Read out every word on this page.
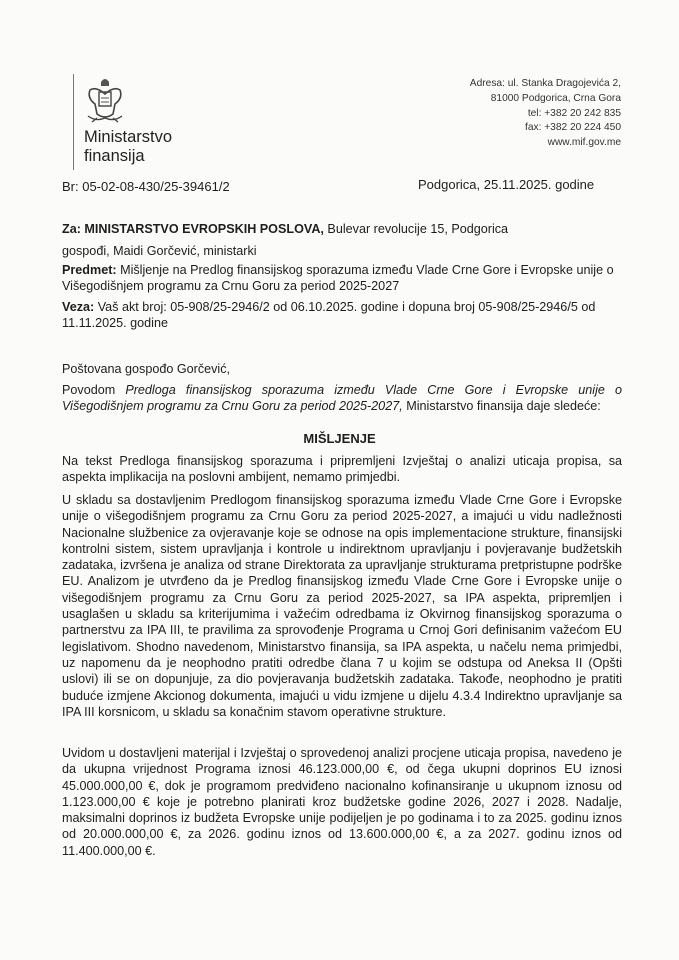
Ministarstvo
finansija
Adresa: ul. Stanka Dragojevića 2,
81000 Podgorica, Crna Gora
tel: +382 20 242 835
fax: +382 20 224 450
www.mif.gov.me
Br: 05-02-08-430/25-39461/2	Podgorica, 25.11.2025. godine
Za: MINISTARSTVO EVROPSKIH POSLOVA, Bulevar revolucije 15, Podgorica
gospođi, Maidi Gorčević, ministarki
Predmet: Mišljenje na Predlog finansijskog sporazuma između Vlade Crne Gore i Evropske unije o Višegodišnjem programu za Crnu Goru za period 2025-2027
Veza: Vaš akt broj: 05-908/25-2946/2 od 06.10.2025. godine i dopuna broj 05-908/25-2946/5 od 11.11.2025. godine
Poštovana gospođo Gorčević,
Povodom Predloga finansijskog sporazuma između Vlade Crne Gore i Evropske unije o Višegodišnjem programu za Crnu Goru za period 2025-2027, Ministarstvo finansija daje sledeće:
MIŠLJENJE
Na tekst Predloga finansijskog sporazuma i pripremljeni Izvještaj o analizi uticaja propisa, sa aspekta implikacija na poslovni ambijent, nemamo primjedbi.
U skladu sa dostavljenim Predlogom finansijskog sporazuma između Vlade Crne Gore i Evropske unije o višegodišnjem programu za Crnu Goru za period 2025-2027, a imajući u vidu nadležnosti Nacionalne službenice za ovjeravanje koje se odnose na opis implementacione strukture, finansijski kontrolni sistem, sistem upravljanja i kontrole u indirektnom upravljanju i povjeravanje budžetskih zadataka, izvršena je analiza od strane Direktorata za upravljanje strukturama pretpristupne podrške EU. Analizom je utvrđeno da je Predlog finansijskog između Vlade Crne Gore i Evropske unije o višegodišnjem programu za Crnu Goru za period 2025-2027, sa IPA aspekta, pripremljen i usaglašen u skladu sa kriterijumima i važećim odredbama iz Okvirnog finansijskog sporazuma o partnerstvu za IPA III, te pravilima za sprovođenje Programa u Crnoj Gori definisanim važećom EU legislativom. Shodno navedenom, Ministarstvo finansija, sa IPA aspekta, u načelu nema primjedbi, uz napomenu da je neophodno pratiti odredbe člana 7 u kojim se odstupa od Aneksa II (Opšti uslovi) ili se on dopunjuje, za dio povjeravanja budžetskih zadataka. Takođe, neophodno je pratiti buduće izmjene Akcionog dokumenta, imajući u vidu izmjene u dijelu 4.3.4 Indirektno upravljanje sa IPA III korsnicom, u skladu sa konačnim stavom operativne strukture.
Uvidom u dostavljeni materijal i Izvještaj o sprovedenoj analizi procjene uticaja propisa, navedeno je da ukupna vrijednost Programa iznosi 46.123.000,00 €, od čega ukupni doprinos EU iznosi 45.000.000,00 €, dok je programom predviđeno nacionalno kofinansiranje u ukupnom iznosu od 1.123.000,00 € koje je potrebno planirati kroz budžetske godine 2026, 2027 i 2028. Nadalje, maksimalni doprinos iz budžeta Evropske unije podijeljen je po godinama i to za 2025. godinu iznos od 20.000.000,00 €, za 2026. godinu iznos od 13.600.000,00 €, a za 2027. godinu iznos od 11.400.000,00 €.
